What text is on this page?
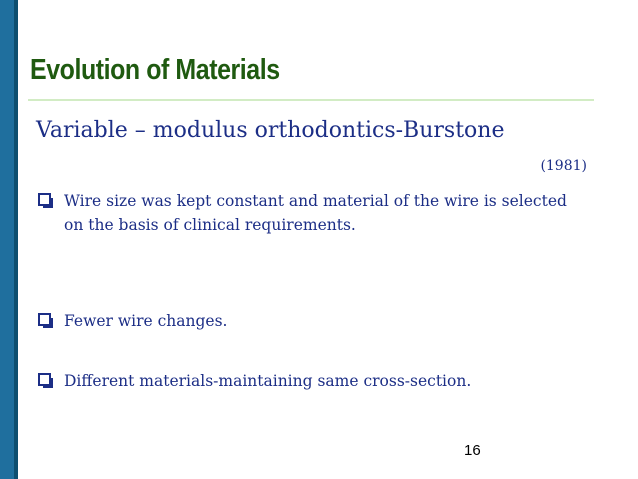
Evolution of Materials
Variable – modulus orthodontics-Burstone
(1981)
Wire size was kept constant and material of the wire is selected on the basis of clinical requirements.
Fewer wire changes.
Different materials-maintaining same cross-section.
16
